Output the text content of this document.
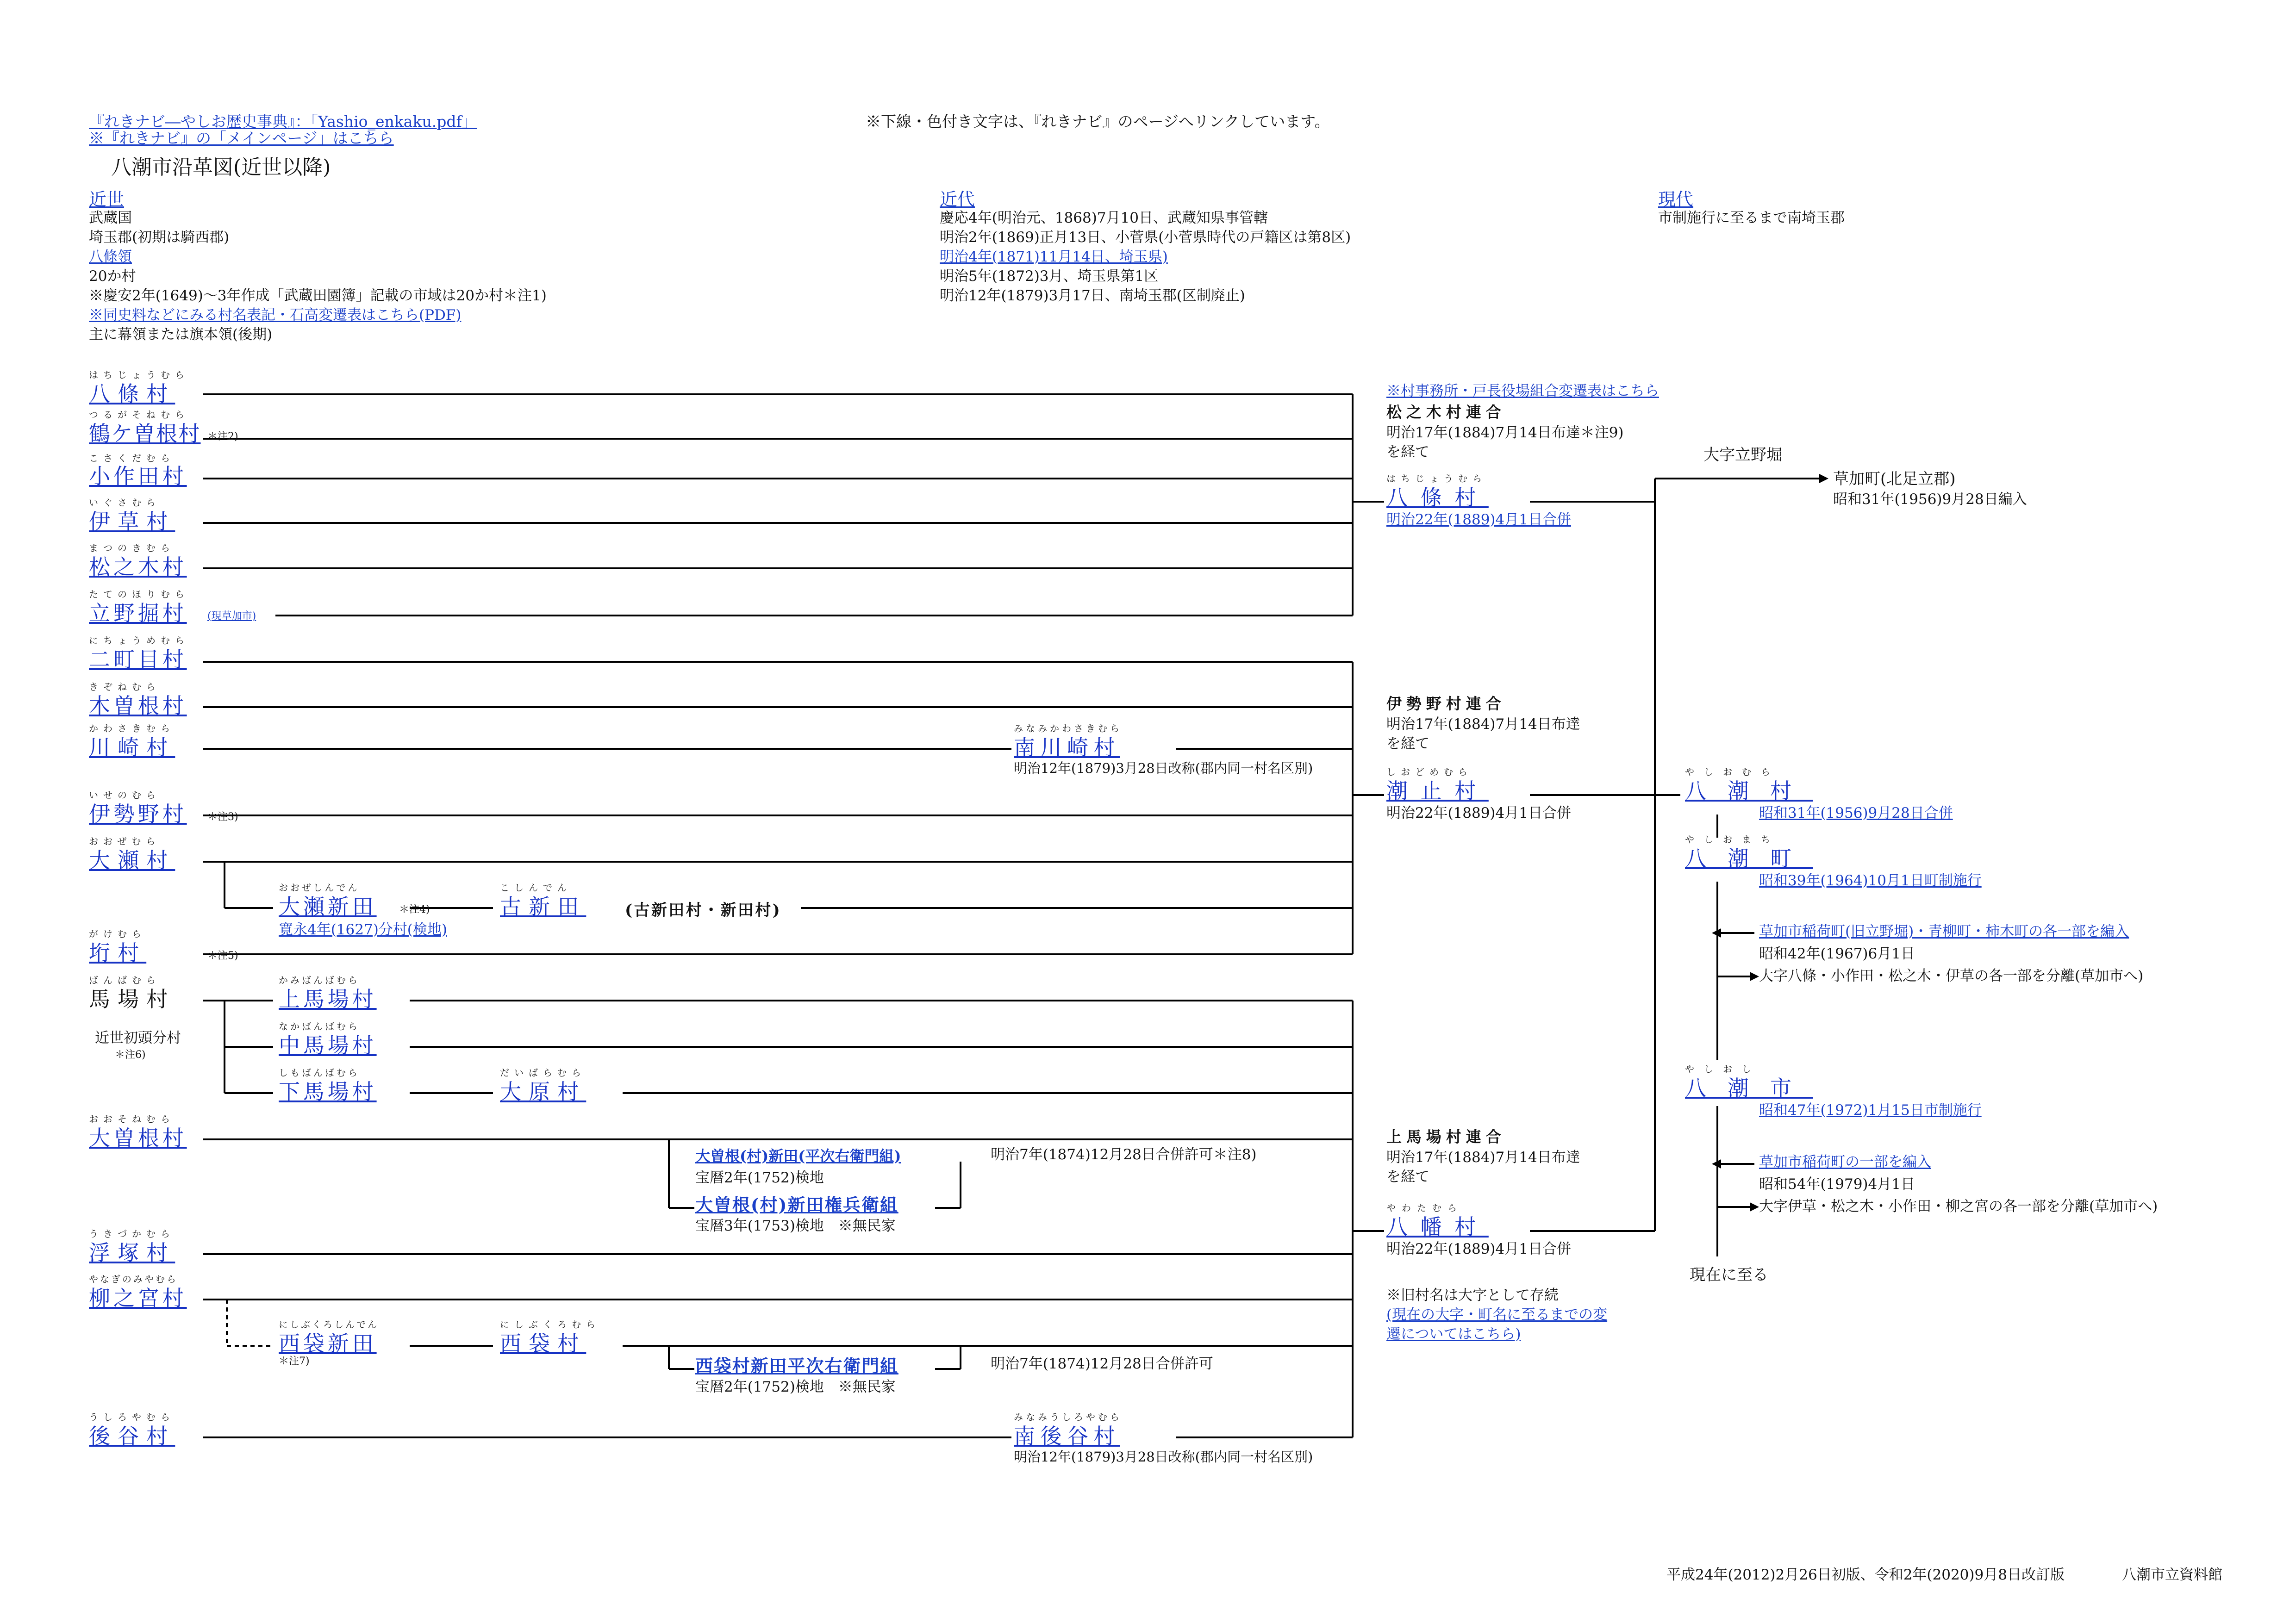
『れきナビ―やしお歴史事典』：「Yashio_enkaku.pdf」
※『れきナビ』の「メインページ」はこちら
※下線・色付き文字は、『れきナビ』のページへリンクしています。
八潮市沿革図(近世以降)
近世
武蔵国
埼玉郡(初期は騎西郡)
八條領
20か村
※慶安2年(1649)～3年作成「武蔵田園簿」記載の市域は20か村＊注1)
※同史料などにみる村名表記・石高変遷表はこちら(PDF)
主に幕領または旗本領(後期)
近代
慶応4年(明治元、1868)7月10日、武蔵知県事管轄
明治2年(1869)正月13日、小菅県(小菅県時代の戸籍区は第8区)
明治4年(1871)11月14日、埼玉県)
明治5年(1872)3月、埼玉県第1区
明治12年(1879)3月17日、南埼玉郡(区制廃止)
現代
市制施行に至るまで南埼玉郡
はちじょうむら
八條村
つるがそねむら
鶴ケ曽根村 ＊注2)
こさくだむら
小作田村
いぐさむら
伊草村
まつのきむら
松之木村
たてのほりむら
立野掘村 (現草加市)
にちょうめむら
二町目村
きぞねむら
木曽根村
かわさきむら
川崎村
いせのむら
伊勢野村 ＊注3)
おおぜむら
大瀬村
がけむら
垳村	＊注5)
ばんばむら
馬場村
近世初頭分村
＊注6)
おおそねむら
大曽根村
うきづかむら
浮塚村
やなぎのみやむら
柳之宮村
うしろやむら
後谷村
おおぜしんでん
大瀬新田 ＊注4)
寛永4年(1627)分村(検地)
こしんでん
古新田 (古新田村・新田村)
かみばんばむら
上馬場村
なかばんばむら
中馬場村
しもばんばむら
下馬場村
だいばらむら
大原村
大曽根(村)新田(平次右衛門組)
宝暦2年(1752)検地
大曽根(村)新田権兵衛組
宝暦3年(1753)検地　※無民家
明治7年(1874)12月28日合併許可＊注8)
にしぶくろしんでん
西袋新田
＊注7)
にしぶくろむら
西袋村
西袋村新田平次右衛門組
宝暦2年(1752)検地　※無民家
明治7年(1874)12月28日合併許可
みなみかわさきむら
南川崎村
明治12年(1879)3月28日改称(郡内同一村名区別)
みなみうしろやむら
南後谷村
明治12年(1879)3月28日改称(郡内同一村名区別)
※村事務所・戸長役場組合変遷表はこちら
松之木村連合
明治17年(1884)7月14日布達＊注9)
を経て
伊勢野村連合
明治17年(1884)7月14日布達
を経て
上馬場村連合
明治17年(1884)7月14日布達
を経て
はちじょうむら
八條村
明治22年(1889)4月1日合併
しおどめむら
潮止村
明治22年(1889)4月1日合併
やわたむら
八幡村
明治22年(1889)4月1日合併
※旧村名は大字として存続
(現在の大字・町名に至るまでの変
遷についてはこちら)
大字立野堀
草加町(北足立郡)
昭和31年(1956)9月28日編入
やしおむら
八潮村
昭和31年(1956)9月28日合併
やしおまち
八潮町
昭和39年(1964)10月1日町制施行
草加市稲荷町(旧立野堀)・青柳町・柿木町の各一部を編入
昭和42年(1967)6月1日
大字八條・小作田・松之木・伊草の各一部を分離(草加市へ)
やしおし
八潮市
昭和47年(1972)1月15日市制施行
草加市稲荷町の一部を編入
昭和54年(1979)4月1日
大字伊草・松之木・小作田・柳之宮の各一部を分離(草加市へ)
現在に至る
平成24年(2012)2月26日初版、令和2年(2020)9月8日改訂版	八潮市立資料館
